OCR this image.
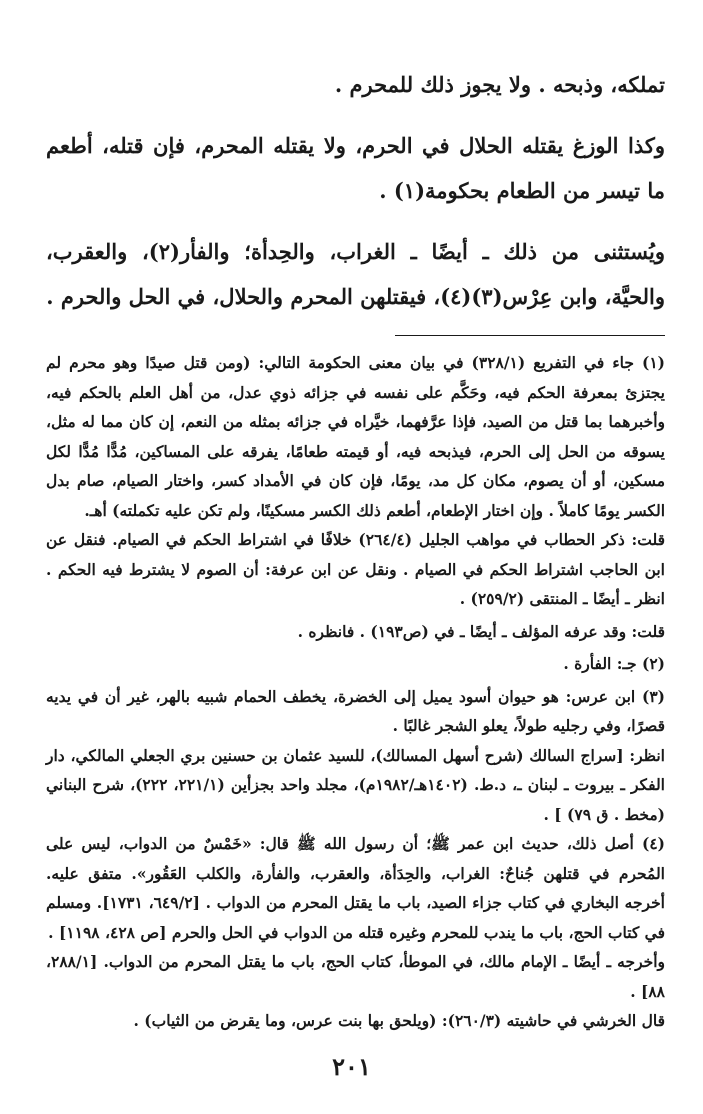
تملكه، وذبحه . ولا يجوز ذلك للمحرم .

وكذا الوزغ يقتله الحلال في الحرم، ولا يقتله المحرم، فإن قتله، أطعم ما تيسر من الطعام بحكومة(١) .

ويُستثنى من ذلك ـ أيضًا ـ الغراب، والحِدأة؛ والفأر(٢)، والعقرب، والحيَّة، وابن عِرْس(٣)(٤)، فيقتلهن المحرم والحلال، في الحل والحرم .

(١) جاء في التفريع (٣٢٨/١) في بيان معنى الحكومة التالي: (ومن قتل صيدًا وهو محرم لم يجتزئ بمعرفة الحكم فيه، وحَكَّم على نفسه في جزائه ذوي عدل، من أهل العلم بالحكم فيه، وأخبرهما بما قتل من الصيد، فإذا عرَّفهما، خيَّراه في جزائه بمثله من النعم، إن كان مما له مثل، يسوقه من الحل إلى الحرم، فيذبحه فيه، أو قيمته طعامًا، يفرقه على المساكين، مُدًّا مُدًّا لكل مسكين، أو أن يصوم، مكان كل مد، يومًا، فإن كان في الأمداد كسر، واختار الصيام، صام بدل الكسر يومًا كاملاً . وإن اختار الإطعام، أطعم ذلك الكسر مسكينًا، ولم تكن عليه تكملته) أهـ.

قلت: ذكر الحطاب في مواهب الجليل (٢٦٤/٤) خلافًا في اشتراط الحكم في الصيام. فنقل عن ابن الحاجب اشتراط الحكم في الصيام . ونقل عن ابن عرفة: أن الصوم لا يشترط فيه الحكم . انظر ـ أيضًا ـ المنتقى (٢٥٩/٢) .

قلت: وقد عرفه المؤلف ـ أيضًا ـ في (ص١٩٣) . فانظره .

(٢) جـ: الفأرة .

(٣) ابن عرس: هو حيوان أسود يميل إلى الخضرة، يخطف الحمام شبيه بالهر، غير أن في يديه قصرًا، وفي رجليه طولاً، يعلو الشجر غالبًا .

انظر: [سراج السالك (شرح أسهل المسالك)، للسيد عثمان بن حسنين بري الجعلي المالكي، دار الفكر ـ بيروت ـ لبنان ـ، د.ط. (١٤٠٢هـ/١٩٨٢م)، مجلد واحد بجزأين (٢٢١/١، ٢٢٢)، شرح البناني (مخط . ق ٧٩) ] .

(٤) أصل ذلك، حديث ابن عمر ﷺ؛ أن رسول الله ﷺ قال: «خَمْسٌ من الدواب، ليس على المُحرم في قتلهن جُناحٌ: الغراب، والحِدَأة، والعقرب، والفأرة، والكلب العَقُور». متفق عليه. أخرجه البخاري في كتاب جزاء الصيد، باب ما يقتل المحرم من الدواب . [٦٤٩/٢، ١٧٣١]. ومسلم في كتاب الحج، باب ما يندب للمحرم وغيره قتله من الدواب في الحل والحرم [ص ٤٢٨، ١١٩٨] .

وأخرجه ـ أيضًا ـ الإمام مالك، في الموطأ، كتاب الحج، باب ما يقتل المحرم من الدواب. [٢٨٨/١، ٨٨] .

قال الخرشي في حاشيته (٢٦٠/٣): (ويلحق بها بنت عرس، وما يقرض من الثياب) .

٢٠١
